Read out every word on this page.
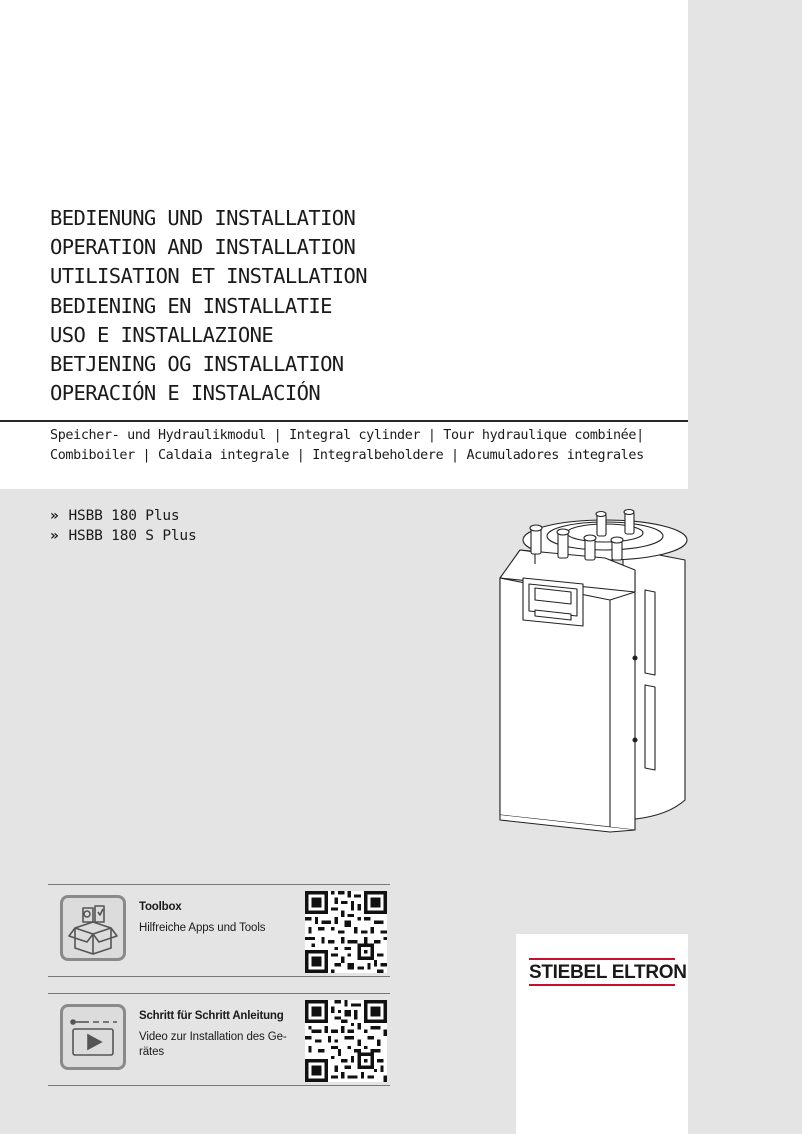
BEDIENUNG UND INSTALLATION
OPERATION AND INSTALLATION
UTILISATION ET INSTALLATION
BEDIENING EN INSTALLATIE
USO E INSTALLAZIONE
BETJENING OG INSTALLATION
OPERACIÓN E INSTALACIÓN
Speicher- und Hydraulikmodul | Integral cylinder | Tour hydraulique combinée|
Combiboiler | Caldaia integrale | Integralbeholdere | Acumuladores integrales
» HSBB 180 Plus
» HSBB 180 S Plus
Toolbox
Hilfreiche Apps und Tools
Schritt für Schritt Anleitung
Video zur Installation des Ge-
rätes
STIEBEL ELTRON
